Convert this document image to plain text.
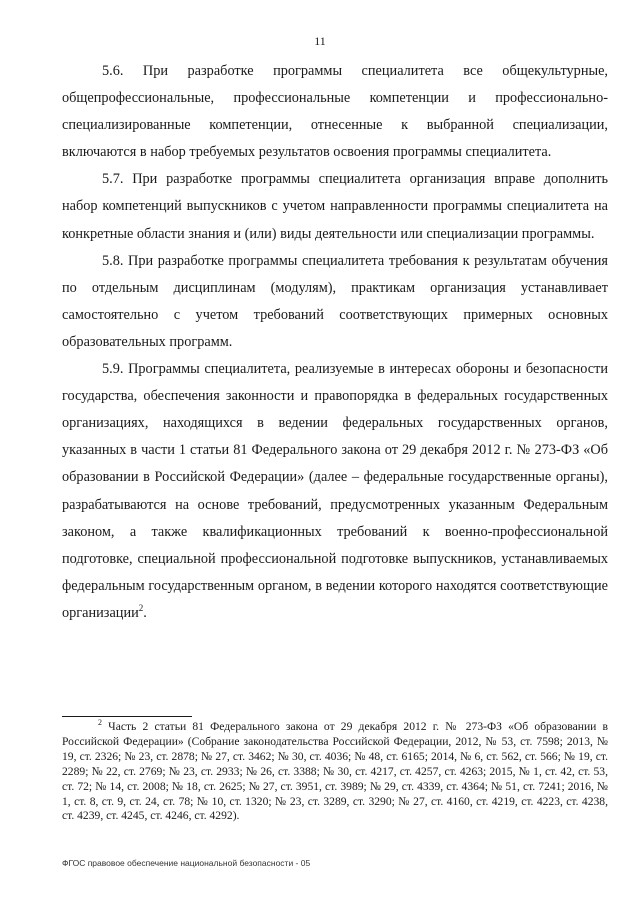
11

5.6. При разработке программы специалитета все общекультурные, общепрофессиональные, профессиональные компетенции и профессионально-специализированные компетенции, отнесенные к выбранной специализации, включаются в набор требуемых результатов освоения программы специалитета.

5.7. При разработке программы специалитета организация вправе дополнить набор компетенций выпускников с учетом направленности программы специалитета на конкретные области знания и (или) виды деятельности или специализации программы.

5.8. При разработке программы специалитета требования к результатам обучения по отдельным дисциплинам (модулям), практикам организация устанавливает самостоятельно с учетом требований соответствующих примерных основных образовательных программ.

5.9. Программы специалитета, реализуемые в интересах обороны и безопасности государства, обеспечения законности и правопорядка в федеральных государственных организациях, находящихся в ведении федеральных государственных органов, указанных в части 1 статьи 81 Федерального закона от 29 декабря 2012 г. № 273-ФЗ «Об образовании в Российской Федерации» (далее – федеральные государственные органы), разрабатываются на основе требований, предусмотренных указанным Федеральным законом, а также квалификационных требований к военно-профессиональной подготовке, специальной профессиональной подготовке выпускников, устанавливаемых федеральным государственным органом, в ведении которого находятся соответствующие организации$^2$.

$^2$ Часть 2 статьи 81 Федерального закона от 29 декабря 2012 г. № 273-ФЗ «Об образовании в Российской Федерации» (Собрание законодательства Российской Федерации, 2012, № 53, ст. 7598; 2013, № 19, ст. 2326; № 23, ст. 2878; № 27, ст. 3462; № 30, ст. 4036; № 48, ст. 6165; 2014, № 6, ст. 562, ст. 566; № 19, ст. 2289; № 22, ст. 2769; № 23, ст. 2933; № 26, ст. 3388; № 30, ст. 4217, ст. 4257, ст. 4263; 2015, № 1, ст. 42, ст. 53, ст. 72; № 14, ст. 2008; № 18, ст. 2625; № 27, ст. 3951, ст. 3989; № 29, ст. 4339, ст. 4364; № 51, ст. 7241; 2016, № 1, ст. 8, ст. 9, ст. 24, ст. 78; № 10, ст. 1320; № 23, ст. 3289, ст. 3290; № 27, ст. 4160, ст. 4219, ст. 4223, ст. 4238, ст. 4239, ст. 4245, ст. 4246, ст. 4292).

ФГОС правовое обеспечение национальной безопасности - 05
